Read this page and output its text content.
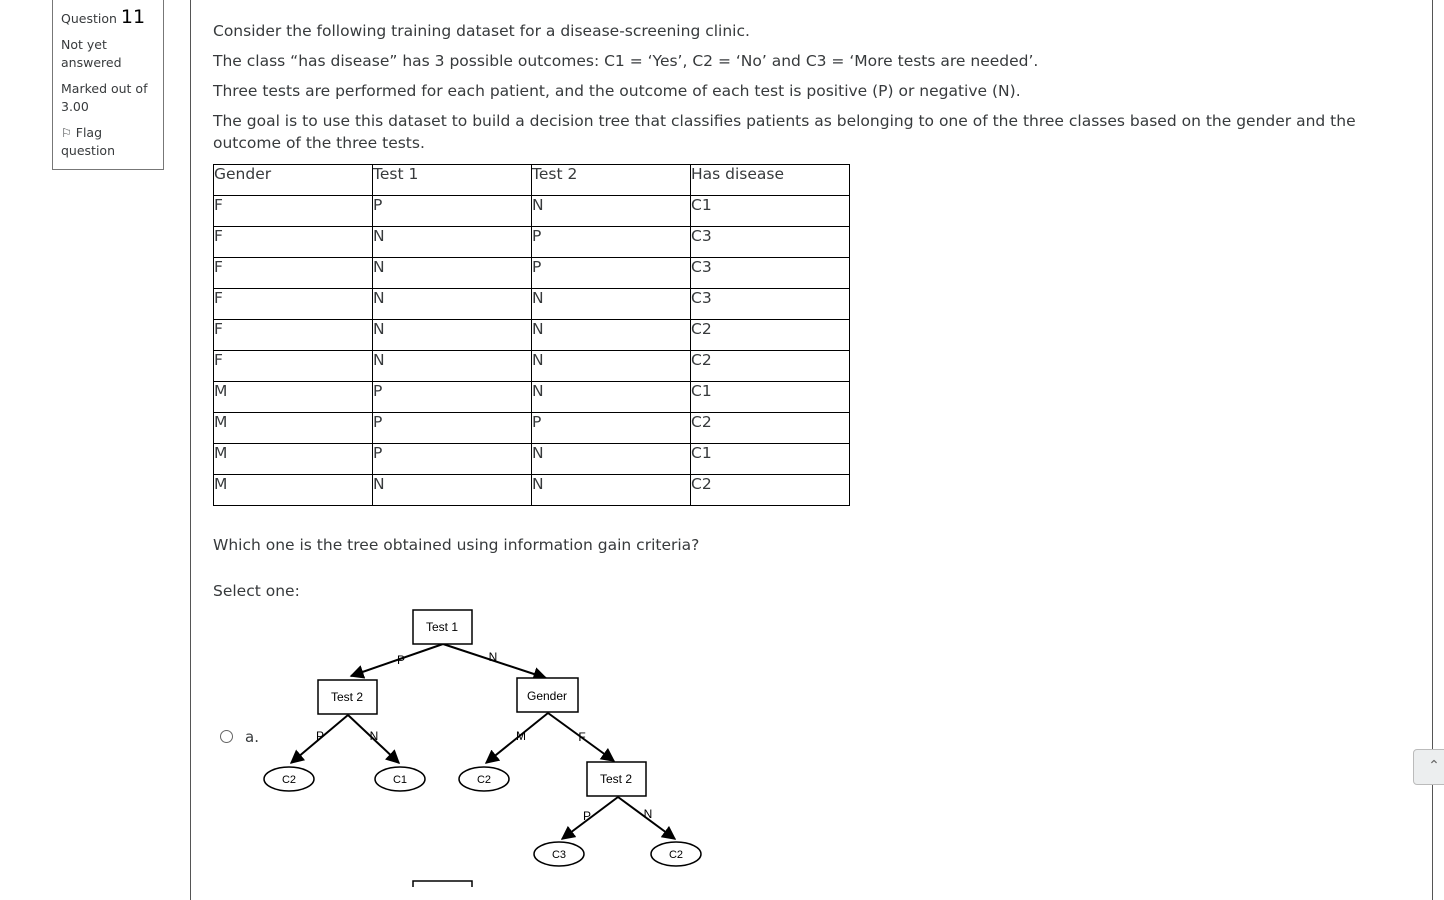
Question 11
Not yet answered
Marked out of 3.00
⚐ Flag question

Consider the following training dataset for a disease-screening clinic.

The class “has disease” has 3 possible outcomes: C1 = ‘Yes’, C2 = ‘No’ and C3 = ‘More tests are needed’.

Three tests are performed for each patient, and the outcome of each test is positive (P) or negative (N).

The goal is to use this dataset to build a decision tree that classifies patients as belonging to one of the three classes based on the gender and the outcome of the three tests.

Gender	Test 1	Test 2	Has disease
F	P	N	C1
F	N	P	C3
F	N	P	C3
F	N	N	C3
F	N	N	C2
F	N	N	C2
M	P	N	C1
M	P	P	C2
M	P	N	C1
M	N	N	C2
Which one is the tree obtained using information gain criteria?
Select one:
a.
Test 1
Test 2	Gender
Test 2
P	N
P	N	M	F
P	N
C2	C1	C2
C3	C2
⌃
